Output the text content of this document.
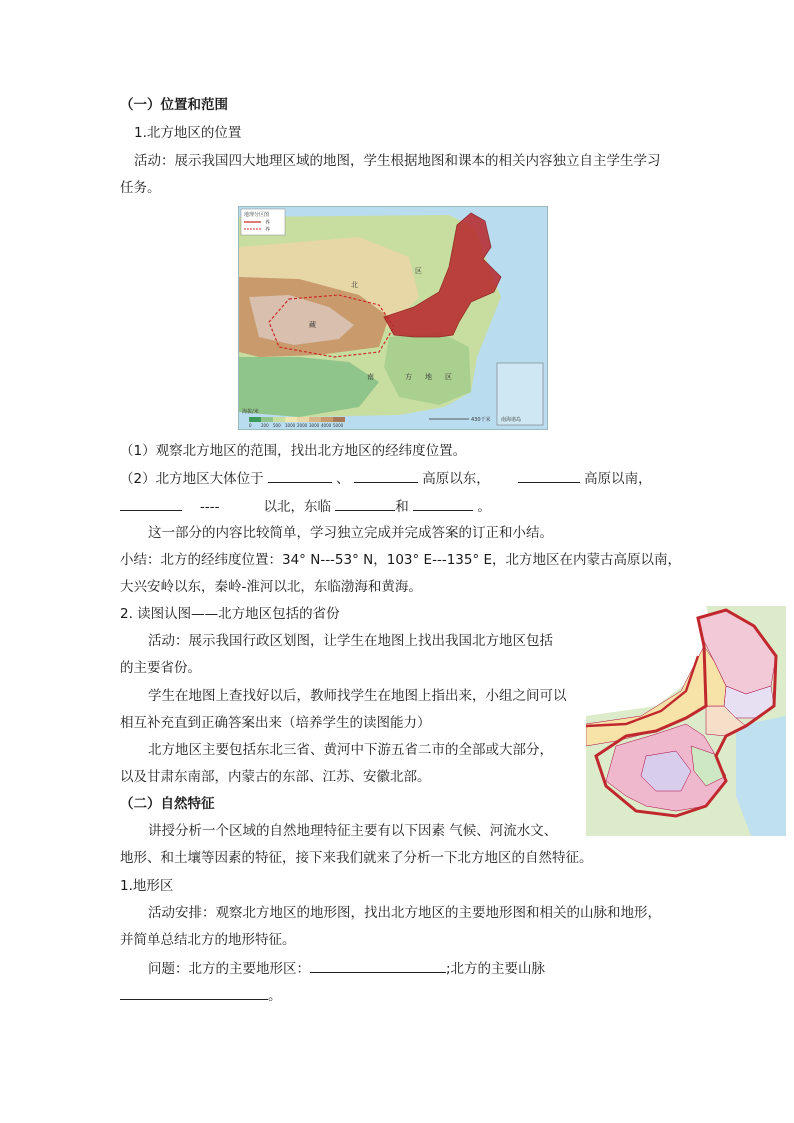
（一）位置和范围
1.北方地区的位置
活动：展示我国四大地理区域的地图，学生根据地图和课本的相关内容独立自主学生学习
任务。
南海诸岛
地理分区图
界
界
北
区
藏
南	方 地 区
430千米
海拔/米
0 200 500 1000 2000 3000 4000 5000
（1）观察北方地区的范围，找出北方地区的经纬度位置。
（2）北方地区大体位于	、	高原以东，	高原以南，
----	以北，东临	和	。
这一部分的内容比较简单，学习独立完成并完成答案的订正和小结。
小结：北方的经纬度位置：34° N---53° N，103° E---135° E，北方地区在内蒙古高原以南，
大兴安岭以东，秦岭-淮河以北，东临渤海和黄海。
2. 读图认图——北方地区包括的省份
活动：展示我国行政区划图，让学生在地图上找出我国北方地区包括
的主要省份。
学生在地图上查找好以后，教师找学生在地图上指出来，小组之间可以
相互补充直到正确答案出来（培养学生的读图能力）
北方地区主要包括东北三省、黄河中下游五省二市的全部或大部分，
以及甘肃东南部，内蒙古的东部、江苏、安徽北部。
（二）自然特征
讲授分析一个区域的自然地理特征主要有以下因素 气候、河流水文、
地形、和土壤等因素的特征，接下来我们就来了分析一下北方地区的自然特征。
1.地形区
活动安排：观察北方地区的地形图，找出北方地区的主要地形图和相关的山脉和地形，
并简单总结北方的地形特征。
问题：北方的主要地形区：	;北方的主要山脉
。
